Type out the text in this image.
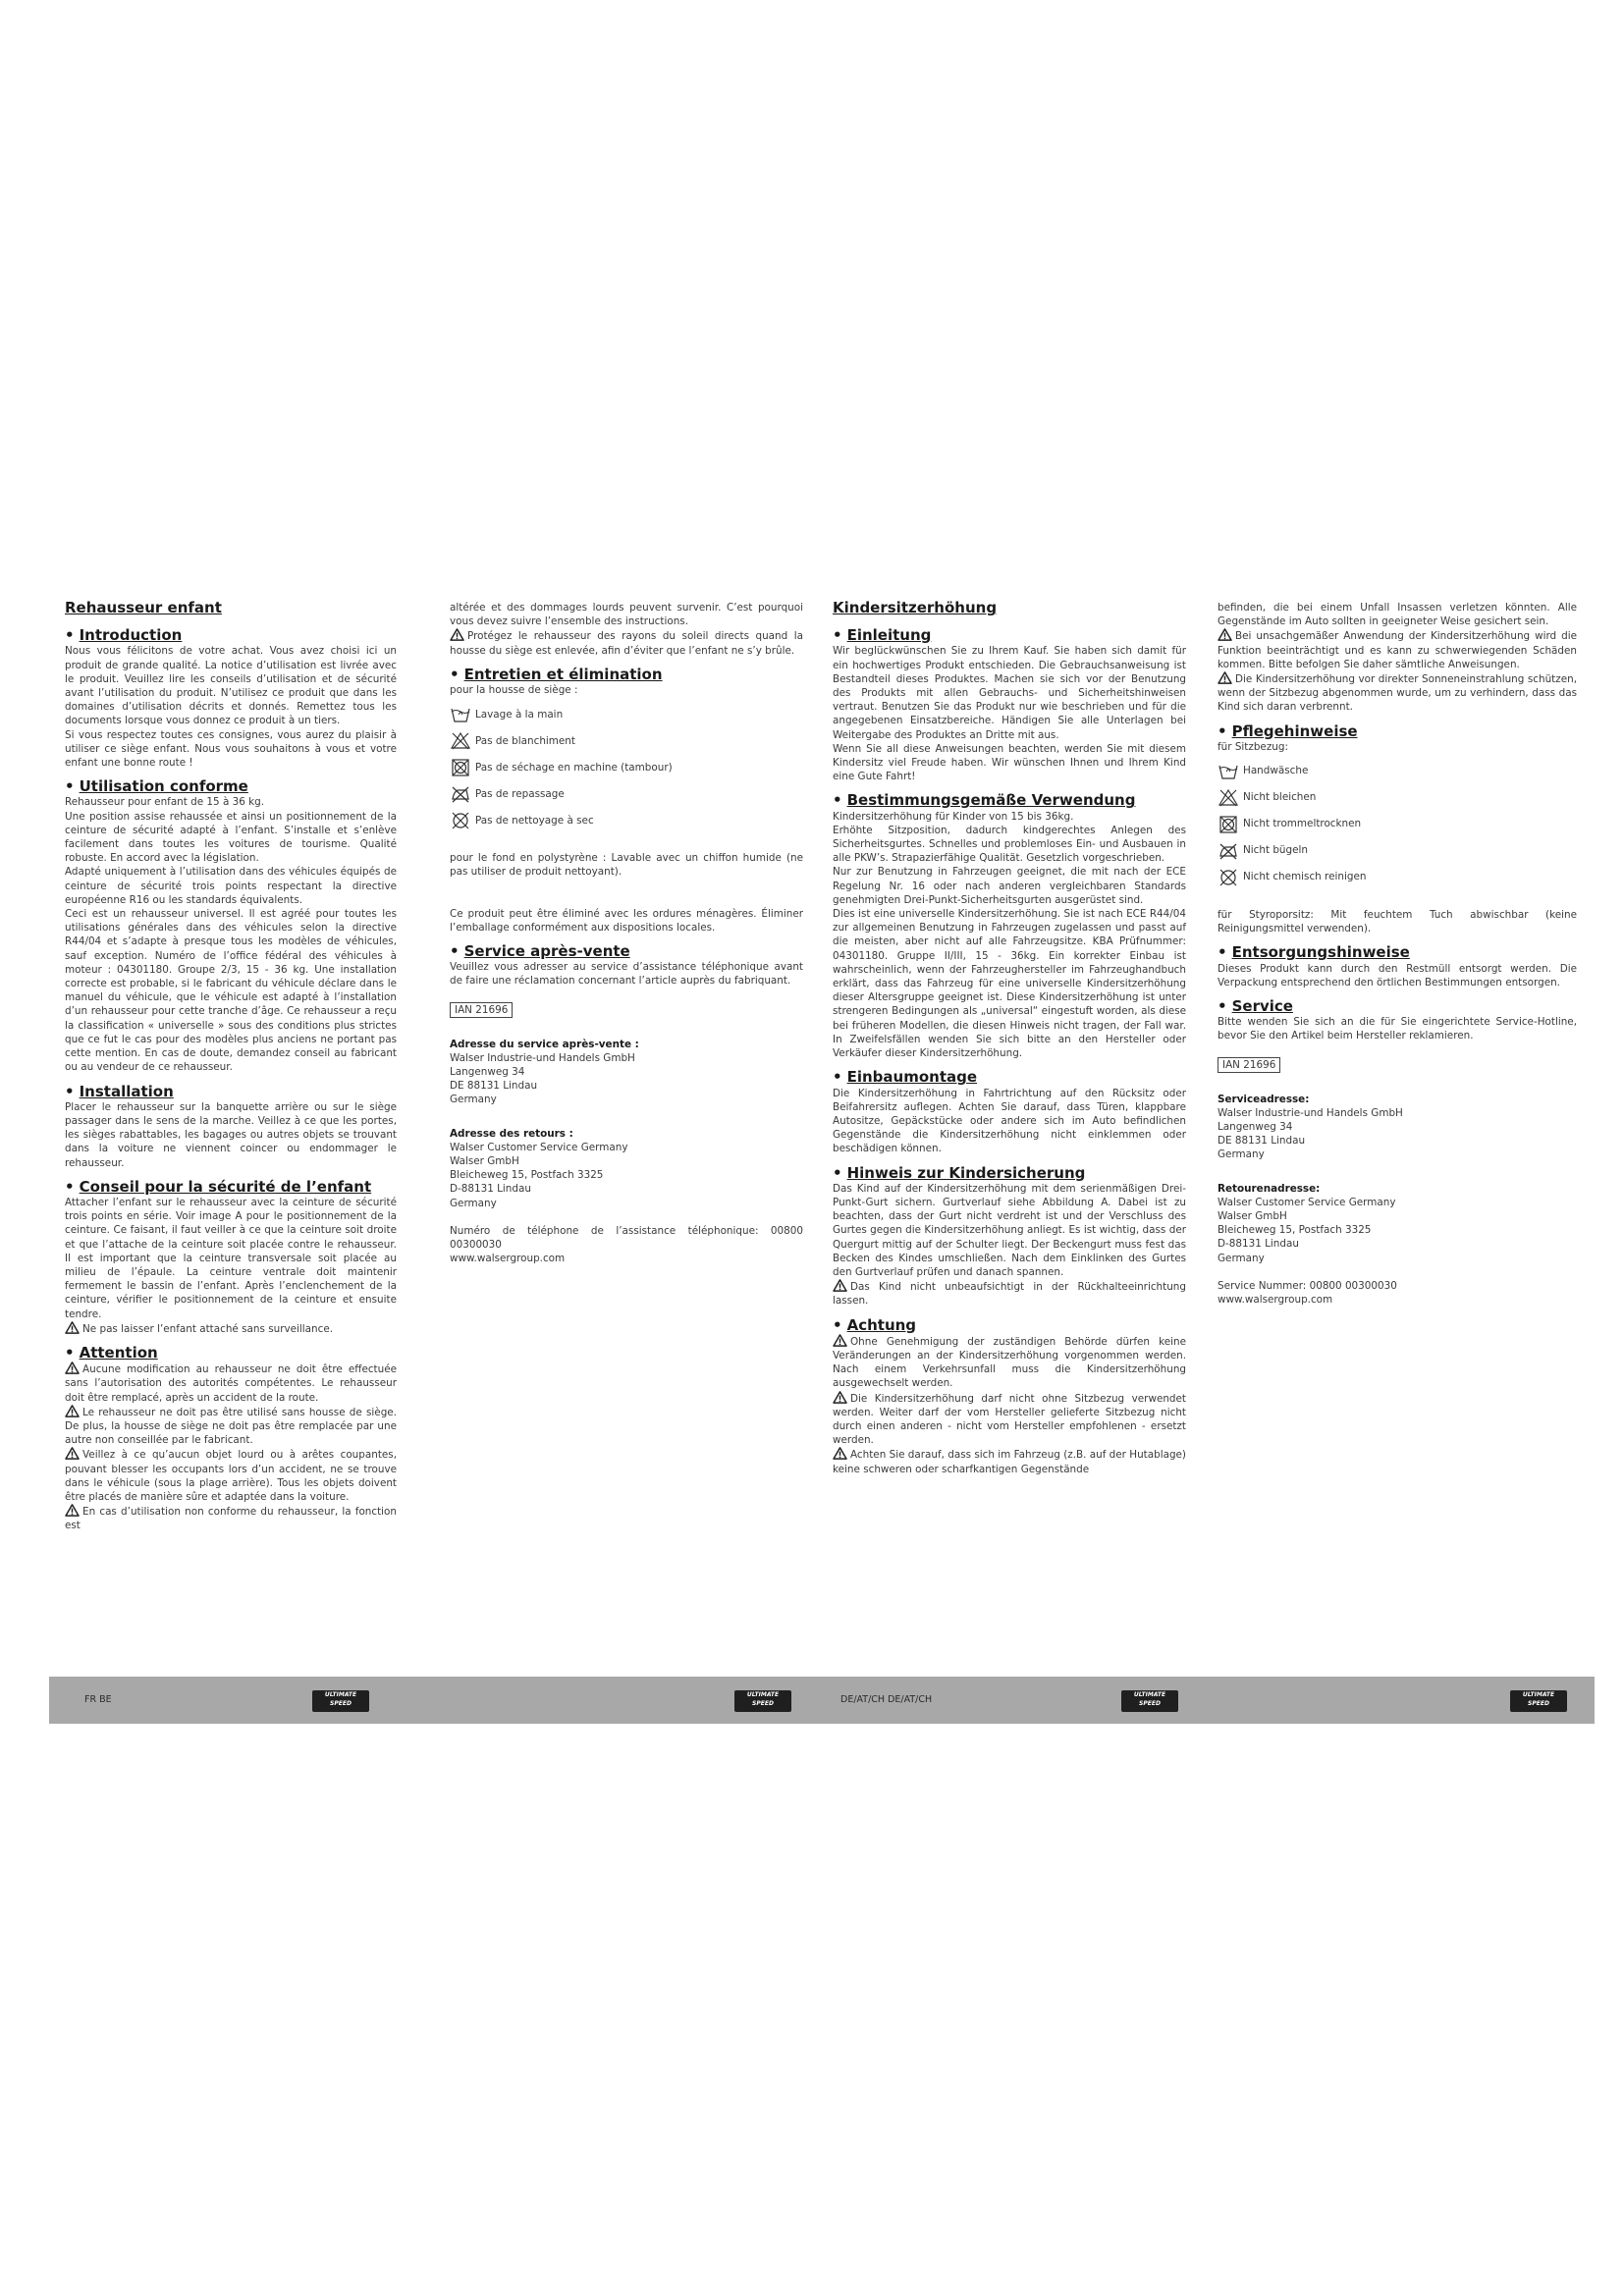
Rehausseur enfant
• Introduction

Nous vous félicitons de votre achat. Vous avez choisi ici un produit de grande qualité. La notice d’utilisation est livrée avec le produit. Veuillez lire les conseils d’utilisation et de sécurité avant l’utilisation du produit. N’utilisez ce produit que dans les domaines d’utilisation décrits et donnés. Remettez tous les documents lorsque vous donnez ce produit à un tiers.

Si vous respectez toutes ces consignes, vous aurez du plaisir à utiliser ce siège enfant. Nous vous souhaitons à vous et votre enfant une bonne route !

• Utilisation conforme

Rehausseur pour enfant de 15 à 36 kg.

Une position assise rehaussée et ainsi un positionnement de la ceinture de sécurité adapté à l’enfant. S’installe et s’enlève facilement dans toutes les voitures de tourisme. Qualité robuste. En accord avec la législation.

Adapté uniquement à l’utilisation dans des véhicules équipés de ceinture de sécurité trois points respectant la directive européenne R16 ou les standards équivalents.

Ceci est un rehausseur universel. Il est agréé pour toutes les utilisations générales dans des véhicules selon la directive R44/04 et s’adapte à presque tous les modèles de véhicules, sauf exception. Numéro de l’office fédéral des véhicules à moteur : 04301180. Groupe 2/3, 15 - 36 kg. Une installation correcte est probable, si le fabricant du véhicule déclare dans le manuel du véhicule, que le véhicule est adapté à l’installation d’un rehausseur pour cette tranche d’âge. Ce rehausseur a reçu la classification « universelle » sous des conditions plus strictes que ce fut le cas pour des modèles plus anciens ne portant pas cette mention. En cas de doute, demandez conseil au fabricant ou au vendeur de ce rehausseur.

• Installation

Placer le rehausseur sur la banquette arrière ou sur le siège passager dans le sens de la marche. Veillez à ce que les portes, les sièges rabattables, les bagages ou autres objets se trouvant dans la voiture ne viennent coincer ou endommager le rehausseur.

• Conseil pour la sécurité de l’enfant

Attacher l’enfant sur le rehausseur avec la ceinture de sécurité trois points en série. Voir image A pour le positionnement de la ceinture. Ce faisant, il faut veiller à ce que la ceinture soit droite et que l’attache de la ceinture soit placée contre le rehausseur. Il est important que la ceinture transversale soit placée au milieu de l’épaule. La ceinture ventrale doit maintenir fermement le bassin de l’enfant. Après l’enclenchement de la ceinture, vérifier le positionnement de la ceinture et ensuite tendre.

Ne pas laisser l’enfant attaché sans surveillance.

• Attention

Aucune modification au rehausseur ne doit être effectuée sans l’autorisation des autorités compétentes. Le rehausseur doit être remplacé, après un accident de la route.

Le rehausseur ne doit pas être utilisé sans housse de siège. De plus, la housse de siège ne doit pas être remplacée par une autre non conseillée par le fabricant.

Veillez à ce qu’aucun objet lourd ou à arêtes coupantes, pouvant blesser les occupants lors d’un accident, ne se trouve dans le véhicule (sous la plage arrière). Tous les objets doivent être placés de manière sûre et adaptée dans la voiture.

En cas d’utilisation non conforme du rehausseur, la fonction est

altérée et des dommages lourds peuvent survenir. C’est pourquoi vous devez suivre l’ensemble des instructions.

Protégez le rehausseur des rayons du soleil directs quand la housse du siège est enlevée, afin d’éviter que l’enfant ne s’y brûle.

• Entretien et élimination

pour la housse de siège :

Lavage à la main
Pas de blanchiment
Pas de séchage en machine (tambour)
Pas de repassage
Pas de nettoyage à sec

pour le fond en polystyrène : Lavable avec un chiffon humide (ne pas utiliser de produit nettoyant).

Ce produit peut être éliminé avec les ordures ménagères. Éliminer l’emballage conformément aux dispositions locales.

• Service après-vente

Veuillez vous adresser au service d’assistance téléphonique avant de faire une réclamation concernant l’article auprès du fabriquant.

IAN 21696
Adresse du service après-vente :
Walser Industrie-und Handels GmbH
Langenweg 34
DE 88131 Lindau
Germany
Adresse des retours :
Walser Customer Service Germany
Walser GmbH
Bleicheweg 15, Postfach 3325
D-88131 Lindau
Germany

Numéro de téléphone de l’assistance téléphonique: 00800 00300030

www.walsergroup.com

Kindersitzerhöhung
• Einleitung

Wir beglückwünschen Sie zu Ihrem Kauf. Sie haben sich damit für ein hochwertiges Produkt entschieden. Die Gebrauchsanweisung ist Bestandteil dieses Produktes. Machen sie sich vor der Benutzung des Produkts mit allen Gebrauchs- und Sicherheitshinweisen vertraut. Benutzen Sie das Produkt nur wie beschrieben und für die angegebenen Einsatzbereiche. Händigen Sie alle Unterlagen bei Weitergabe des Produktes an Dritte mit aus.

Wenn Sie all diese Anweisungen beachten, werden Sie mit diesem Kindersitz viel Freude haben. Wir wünschen Ihnen und Ihrem Kind eine Gute Fahrt!

• Bestimmungsgemäße Verwendung

Kindersitzerhöhung für Kinder von 15 bis 36kg.

Erhöhte Sitzposition, dadurch kindgerechtes Anlegen des Sicherheitsgurtes. Schnelles und problemloses Ein- und Ausbauen in alle PKW’s. Strapazierfähige Qualität. Gesetzlich vorgeschrieben.

Nur zur Benutzung in Fahrzeugen geeignet, die mit nach der ECE Regelung Nr. 16 oder nach anderen vergleichbaren Standards genehmigten Drei-Punkt-Sicherheitsgurten ausgerüstet sind.

Dies ist eine universelle Kindersitzerhöhung. Sie ist nach ECE R44/04 zur allgemeinen Benutzung in Fahrzeugen zugelassen und passt auf die meisten, aber nicht auf alle Fahrzeugsitze. KBA Prüfnummer: 04301180. Gruppe II/III, 15 - 36kg. Ein korrekter Einbau ist wahrscheinlich, wenn der Fahrzeughersteller im Fahrzeughandbuch erklärt, dass das Fahrzeug für eine universelle Kindersitzerhöhung dieser Altersgruppe geeignet ist. Diese Kindersitzerhöhung ist unter strengeren Bedingungen als „universal“ eingestuft worden, als diese bei früheren Modellen, die diesen Hinweis nicht tragen, der Fall war. In Zweifelsfällen wenden Sie sich bitte an den Hersteller oder Verkäufer dieser Kindersitzerhöhung.

• Einbaumontage

Die Kindersitzerhöhung in Fahrtrichtung auf den Rücksitz oder Beifahrersitz auflegen. Achten Sie darauf, dass Türen, klappbare Autositze, Gepäckstücke oder andere sich im Auto befindlichen Gegenstände die Kindersitzerhöhung nicht einklemmen oder beschädigen können.

• Hinweis zur Kindersicherung

Das Kind auf der Kindersitzerhöhung mit dem serienmäßigen Drei-Punkt-Gurt sichern. Gurtverlauf siehe Abbildung A. Dabei ist zu beachten, dass der Gurt nicht verdreht ist und der Verschluss des Gurtes gegen die Kindersitzerhöhung anliegt. Es ist wichtig, dass der Quergurt mittig auf der Schulter liegt. Der Beckengurt muss fest das Becken des Kindes umschließen. Nach dem Einklinken des Gurtes den Gurtverlauf prüfen und danach spannen.

Das Kind nicht unbeaufsichtigt in der Rückhalteeinrichtung lassen.

• Achtung

Ohne Genehmigung der zuständigen Behörde dürfen keine Veränderungen an der Kindersitzerhöhung vorgenommen werden. Nach einem Verkehrsunfall muss die Kindersitzerhöhung ausgewechselt werden.

Die Kindersitzerhöhung darf nicht ohne Sitzbezug verwendet werden. Weiter darf der vom Hersteller gelieferte Sitzbezug nicht durch einen anderen - nicht vom Hersteller empfohlenen - ersetzt werden.

Achten Sie darauf, dass sich im Fahrzeug (z.B. auf der Hutablage) keine schweren oder scharfkantigen Gegenstände

befinden, die bei einem Unfall Insassen verletzen könnten. Alle Gegenstände im Auto sollten in geeigneter Weise gesichert sein.

Bei unsachgemäßer Anwendung der Kindersitzerhöhung wird die Funktion beeinträchtigt und es kann zu schwerwiegenden Schäden kommen. Bitte befolgen Sie daher sämtliche Anweisungen.

Die Kindersitzerhöhung vor direkter Sonneneinstrahlung schützen, wenn der Sitzbezug abgenommen wurde, um zu verhindern, dass das Kind sich daran verbrennt.

• Pflegehinweise

für Sitzbezug:

Handwäsche
Nicht bleichen
Nicht trommeltrocknen
Nicht bügeln
Nicht chemisch reinigen

für Styroporsitz: Mit feuchtem Tuch abwischbar (keine Reinigungsmittel verwenden).

• Entsorgungshinweise

Dieses Produkt kann durch den Restmüll entsorgt werden. Die Verpackung entsprechend den örtlichen Bestimmungen entsorgen.

• Service

Bitte wenden Sie sich an die für Sie eingerichtete Service-Hotline, bevor Sie den Artikel beim Hersteller reklamieren.

IAN 21696
Serviceadresse:
Walser Industrie-und Handels GmbH
Langenweg 34
DE 88131 Lindau
Germany
Retourenadresse:
Walser Customer Service Germany
Walser GmbH
Bleicheweg 15, Postfach 3325
D-88131 Lindau
Germany

Service Nummer: 00800 00300030

www.walsergroup.com

FR BE	ULTIMATE
SPEED
ULTIMATE
SPEED	DE/AT/CH DE/AT/CH	ULTIMATE
SPEED
ULTIMATE
SPEED
